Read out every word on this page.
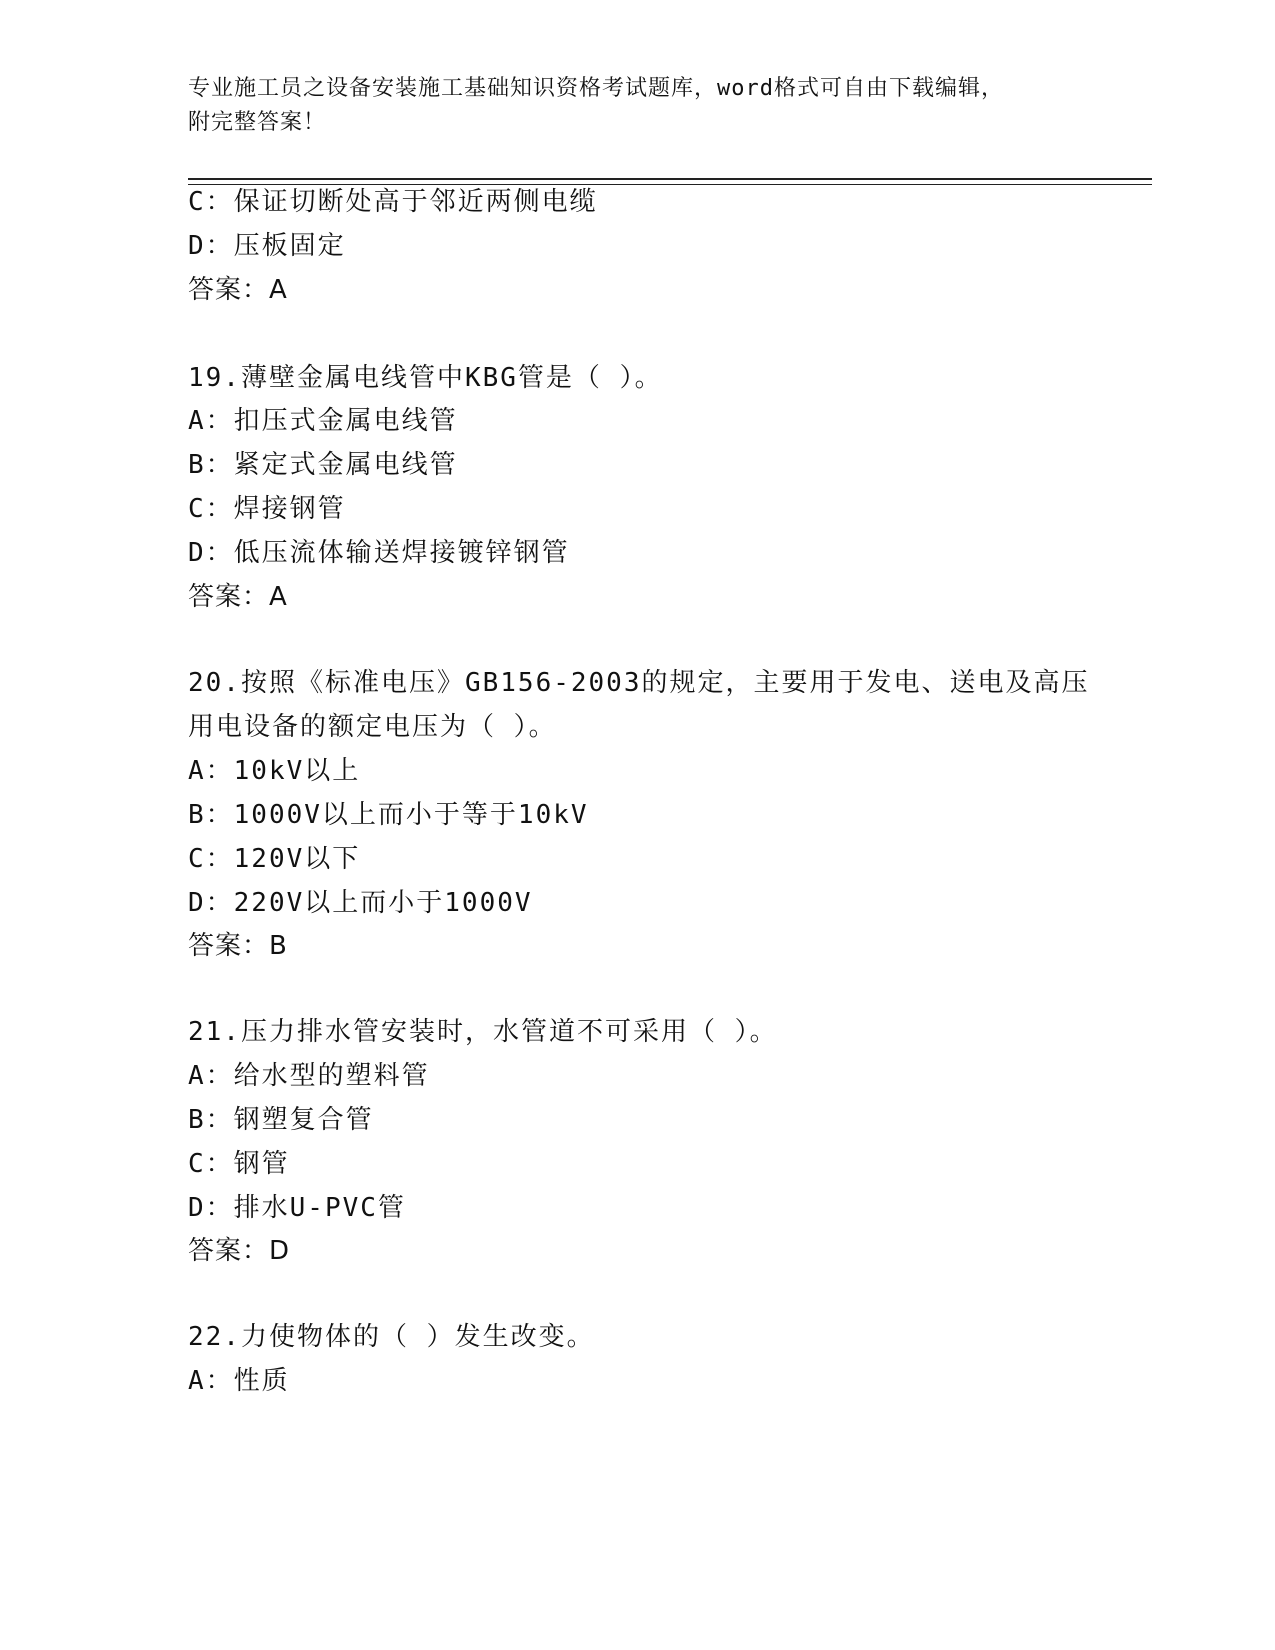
专业施工员之设备安装施工基础知识资格考试题库，word格式可自由下载编辑，
附完整答案！
C：保证切断处高于邻近两侧电缆
D：压板固定
答案：A
19.薄壁金属电线管中KBG管是（ ）。
A：扣压式金属电线管
B：紧定式金属电线管
C：焊接钢管
D：低压流体输送焊接镀锌钢管
答案：A
20.按照《标准电压》GB156-2003的规定，主要用于发电、送电及高压
用电设备的额定电压为（ ）。
A：10kV以上
B：1000V以上而小于等于10kV
C：120V以下
D：220V以上而小于1000V
答案：B
21.压力排水管安装时，水管道不可采用（ ）。
A：给水型的塑料管
B：钢塑复合管
C：钢管
D：排水U-PVC管
答案：D
22.力使物体的（ ）发生改变。
A：性质
